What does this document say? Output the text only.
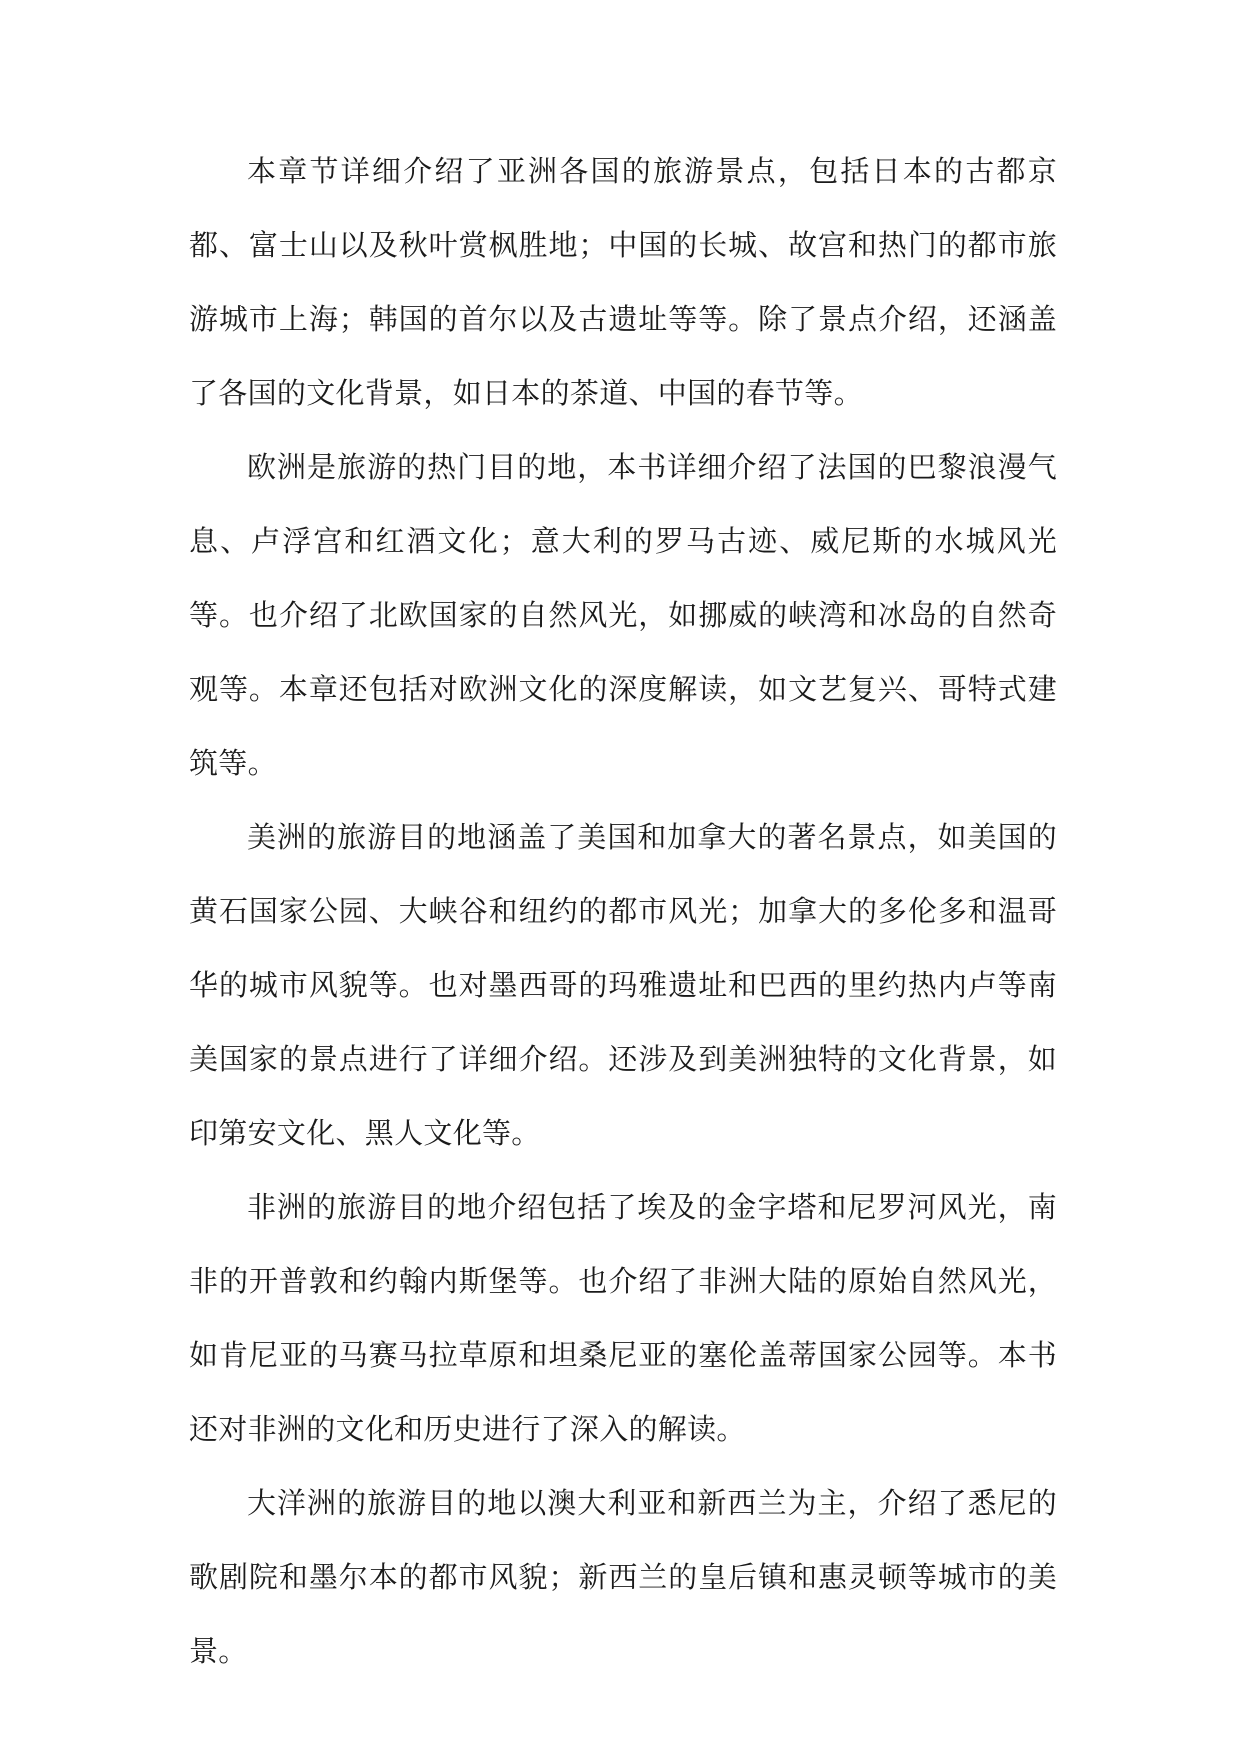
本章节详细介绍了亚洲各国的旅游景点，包括日本的古都京都、富士山以及秋叶赏枫胜地；中国的长城、故宫和热门的都市旅游城市上海；韩国的首尔以及古遗址等等。除了景点介绍，还涵盖了各国的文化背景，如日本的茶道、中国的春节等。

欧洲是旅游的热门目的地，本书详细介绍了法国的巴黎浪漫气息、卢浮宫和红酒文化；意大利的罗马古迹、威尼斯的水城风光等。也介绍了北欧国家的自然风光，如挪威的峡湾和冰岛的自然奇观等。本章还包括对欧洲文化的深度解读，如文艺复兴、哥特式建筑等。

美洲的旅游目的地涵盖了美国和加拿大的著名景点，如美国的黄石国家公园、大峡谷和纽约的都市风光；加拿大的多伦多和温哥华的城市风貌等。也对墨西哥的玛雅遗址和巴西的里约热内卢等南美国家的景点进行了详细介绍。还涉及到美洲独特的文化背景，如印第安文化、黑人文化等。

非洲的旅游目的地介绍包括了埃及的金字塔和尼罗河风光，南非的开普敦和约翰内斯堡等。也介绍了非洲大陆的原始自然风光，如肯尼亚的马赛马拉草原和坦桑尼亚的塞伦盖蒂国家公园等。本书还对非洲的文化和历史进行了深入的解读。

大洋洲的旅游目的地以澳大利亚和新西兰为主，介绍了悉尼的歌剧院和墨尔本的都市风貌；新西兰的皇后镇和惠灵顿等城市的美景。
